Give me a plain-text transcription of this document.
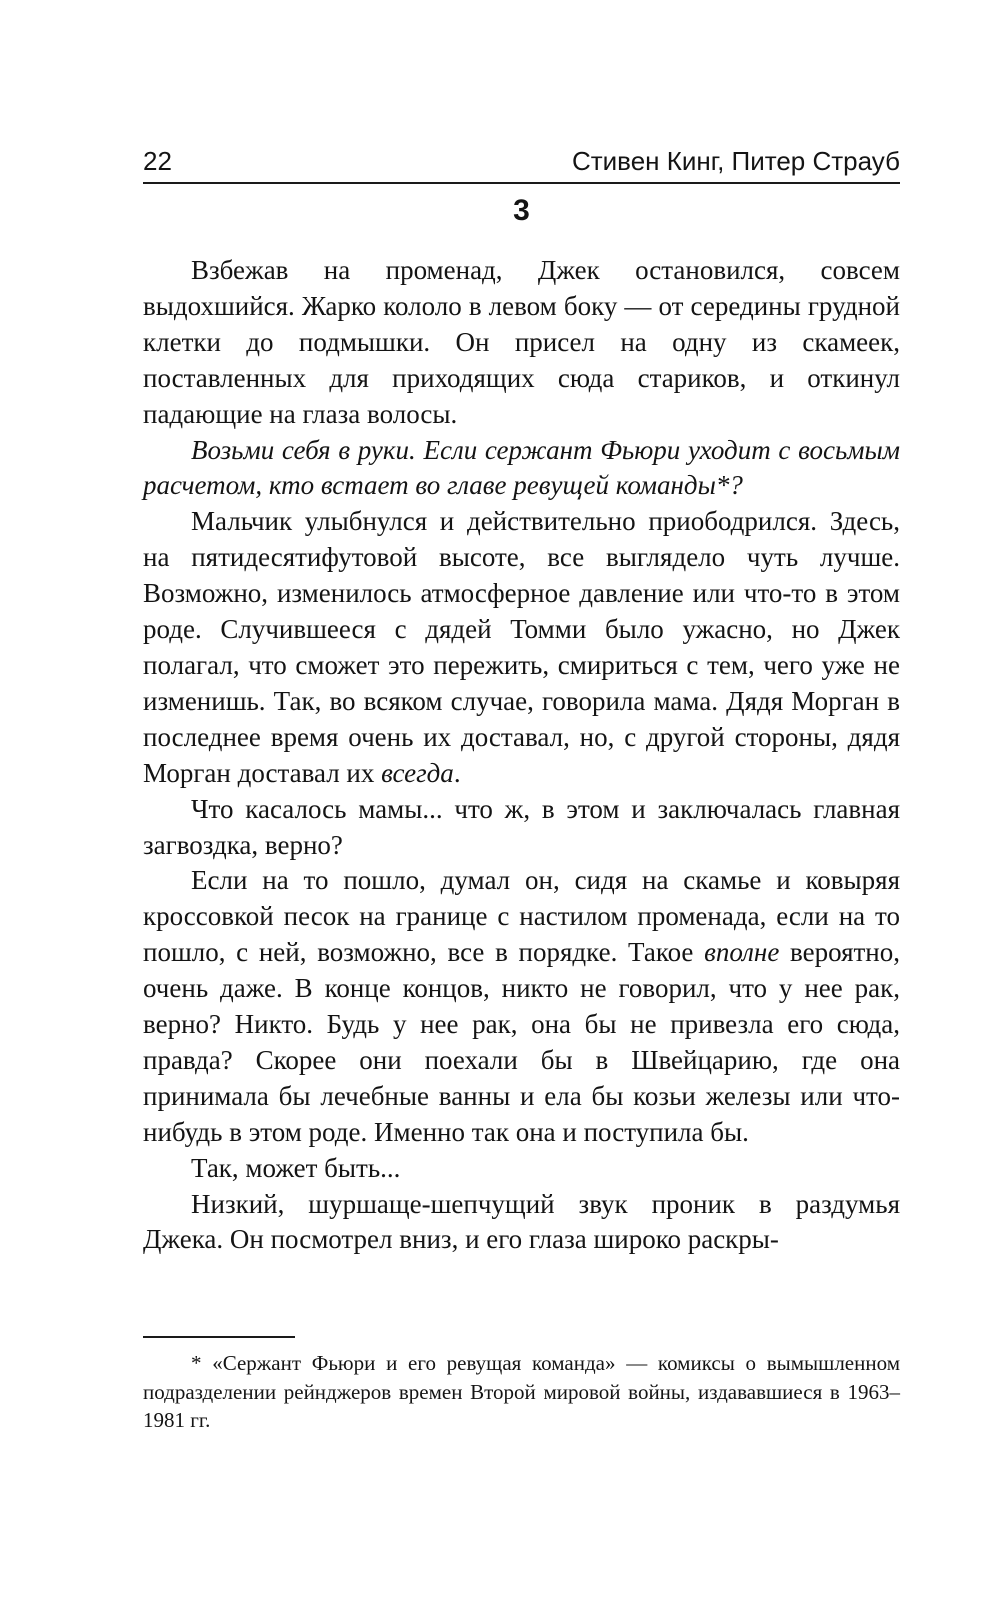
22	Стивен Кинг, Питер Страуб
3

Взбежав на променад, Джек остановился, совсем выдохшийся. Жарко кололо в левом боку — от середины грудной клетки до подмышки. Он присел на одну из скамеек, поставленных для приходящих сюда стариков, и откинул падающие на глаза волосы.

Возьми себя в руки. Если сержант Фьюри уходит с восьмым расчетом, кто встает во главе ревущей команды*?

Мальчик улыбнулся и действительно приободрился. Здесь, на пятидесятифутовой высоте, все выглядело чуть лучше. Возможно, изменилось атмосферное давление или что-то в этом роде. Случившееся с дядей Томми было ужасно, но Джек полагал, что сможет это пережить, смириться с тем, чего уже не изменишь. Так, во всяком случае, говорила мама. Дядя Морган в последнее время очень их доставал, но, с другой стороны, дядя Морган доставал их всегда.

Что касалось мамы... что ж, в этом и заключалась главная загвоздка, верно?

Если на то пошло, думал он, сидя на скамье и ковыряя кроссовкой песок на границе с настилом променада, если на то пошло, с ней, возможно, все в порядке. Такое вполне вероятно, очень даже. В конце концов, никто не говорил, что у нее рак, верно? Никто. Будь у нее рак, она бы не привезла его сюда, правда? Скорее они поехали бы в Швейцарию, где она принимала бы лечебные ванны и ела бы козьи железы или что-нибудь в этом роде. Именно так она и поступила бы.

Так, может быть...

Низкий, шуршаще-шепчущий звук проник в раздумья Джека. Он посмотрел вниз, и его глаза широко раскры-

* «Сержант Фьюри и его ревущая команда» — комиксы о вымышленном подразделении рейнджеров времен Второй мировой войны, издававшиеся в 1963–1981 гг.
